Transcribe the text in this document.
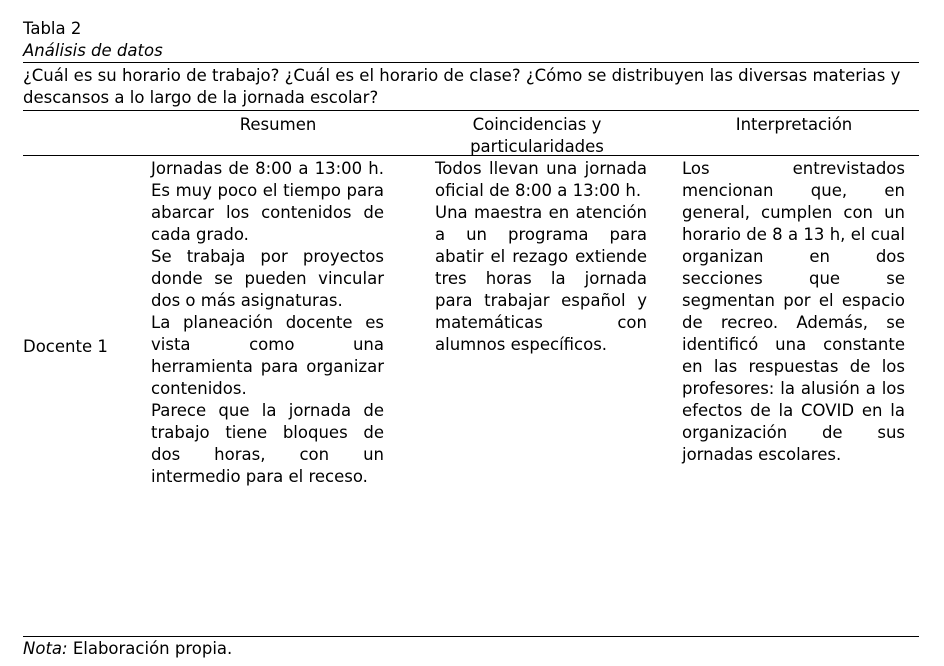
Tabla 2
Análisis de datos
¿Cuál es su horario de trabajo? ¿Cuál es el horario de clase? ¿Cómo se distribuyen las diversas materias y descansos a lo largo de la jornada escolar?
Resumen	Coincidencias y particularidades
Interpretación
Docente 1

Jornadas de 8:00 a 13:00 h. Es muy poco el tiempo para abarcar los contenidos de cada grado.

Se trabaja por proyectos donde se pueden vincular dos o más asignaturas.

La planeación docente es vista como una herramienta para organizar contenidos.

Parece que la jornada de trabajo tiene bloques de dos horas, con un intermedio para el receso.

Todos llevan una jornada oficial de 8:00 a 13:00 h.

Una maestra en atención a un programa para abatir el rezago extiende tres horas la jornada para trabajar español y matemáticas con alumnos específicos.

Los entrevistados mencionan que, en general, cumplen con un horario de 8 a 13 h, el cual organizan en dos secciones que se segmentan por el espacio de recreo. Además, se identificó una constante en las respuestas de los profesores: la alusión a los efectos de la COVID en la organización de sus jornadas escolares.

Nota: Elaboración propia.
